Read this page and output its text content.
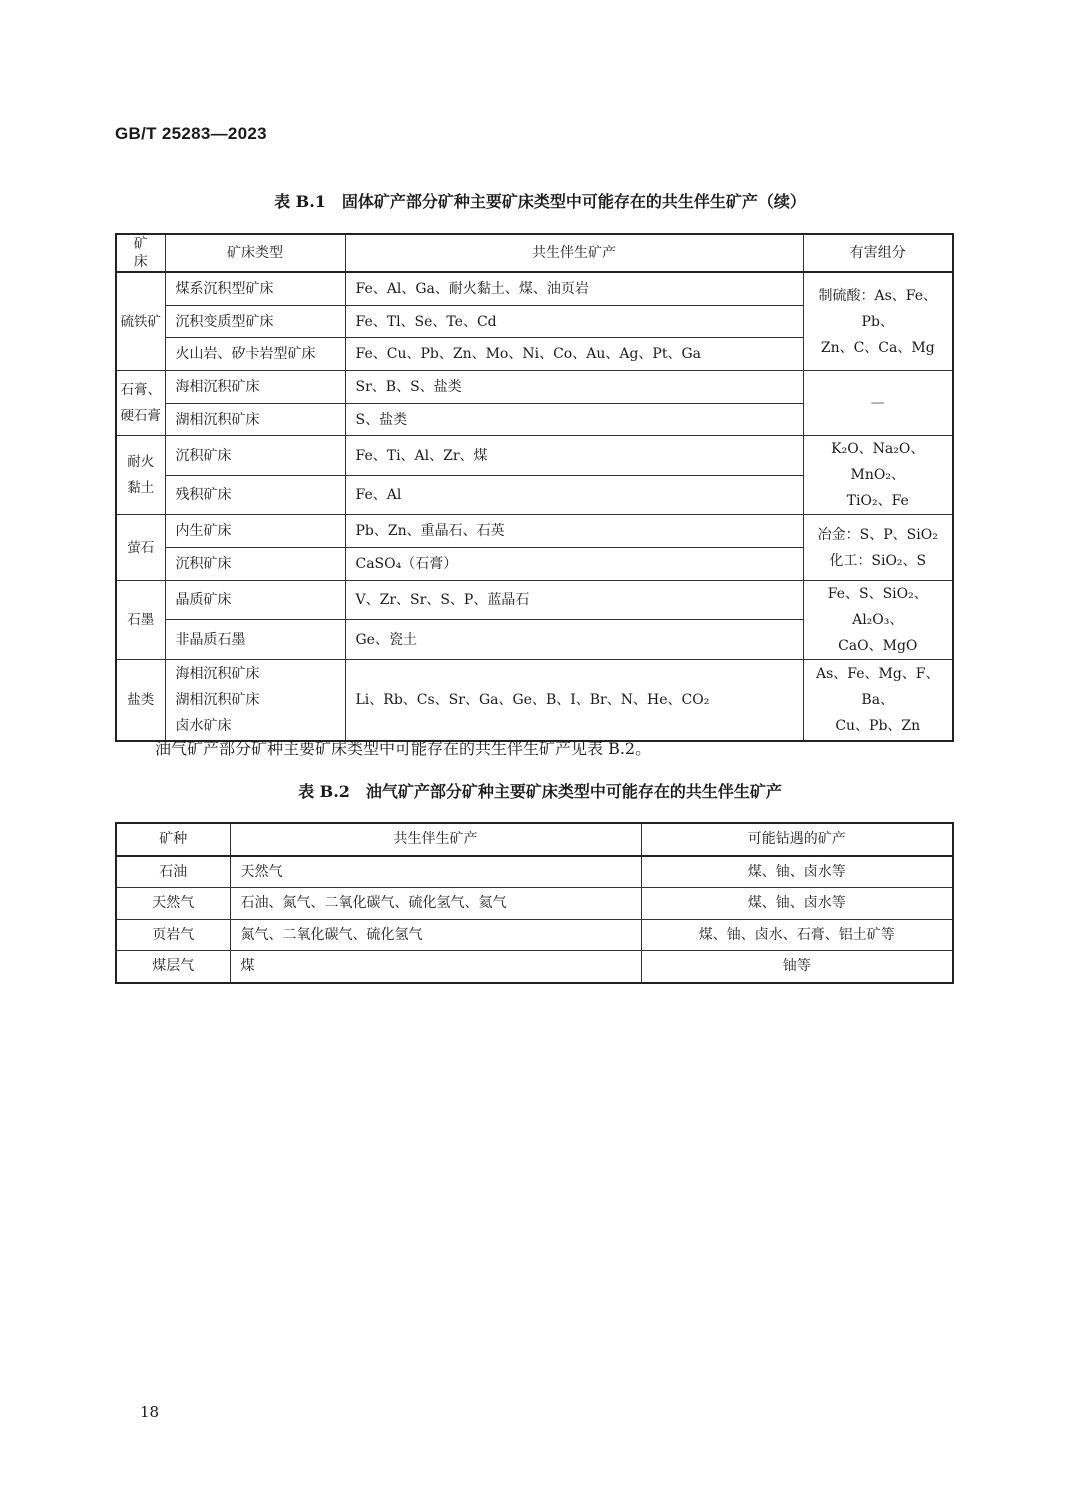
GB/T 25283—2023
表 B.1　固体矿产部分矿种主要矿床类型中可能存在的共生伴生矿产（续）
矿床	矿床类型	共生伴生矿产	有害组分
硫铁矿	煤系沉积型矿床	Fe、Al、Ga、耐火黏土、煤、油页岩	制硫酸：As、Fe、Pb、
Zn、C、Ca、Mg

	沉积变质型矿床	Fe、Tl、Se、Te、Cd	
	火山岩、矽卡岩型矿床	Fe、Cu、Pb、Zn、Mo、Ni、Co、Au、Ag、Pt、Ga	

石膏、
硬石膏	海相沉积矿床	Sr、B、S、盐类	—
	湖相沉积矿床	S、盐类	

耐火
黏土	沉积矿床	Fe、Ti、Al、Zr、煤	K₂O、Na₂O、MnO₂、
TiO₂、Fe

	残积矿床	Fe、Al	
萤石	内生矿床	Pb、Zn、重晶石、石英	冶金：S、P、SiO₂
化工：SiO₂、S

	沉积矿床	CaSO₄（石膏）	
石墨	晶质矿床	V、Zr、Sr、S、P、蓝晶石	Fe、S、SiO₂、Al₂O₃、
CaO、MgO

	非晶质石墨	Ge、瓷土	
盐类	海相沉积矿床
湖相沉积矿床
卤水矿床	Li、Rb、Cs、Sr、Ga、Ge、B、I、Br、N、He、CO₂	As、Fe、Mg、F、Ba、
Cu、Pb、Zn
油气矿产部分矿种主要矿床类型中可能存在的共生伴生矿产见表 B.2。
表 B.2　油气矿产部分矿种主要矿床类型中可能存在的共生伴生矿产
矿种	共生伴生矿产	可能钻遇的矿产
石油	天然气	煤、铀、卤水等
天然气	石油、氮气、二氧化碳气、硫化氢气、氦气	煤、铀、卤水等
页岩气	氮气、二氧化碳气、硫化氢气	煤、铀、卤水、石膏、铝土矿等
煤层气	煤	铀等
18
